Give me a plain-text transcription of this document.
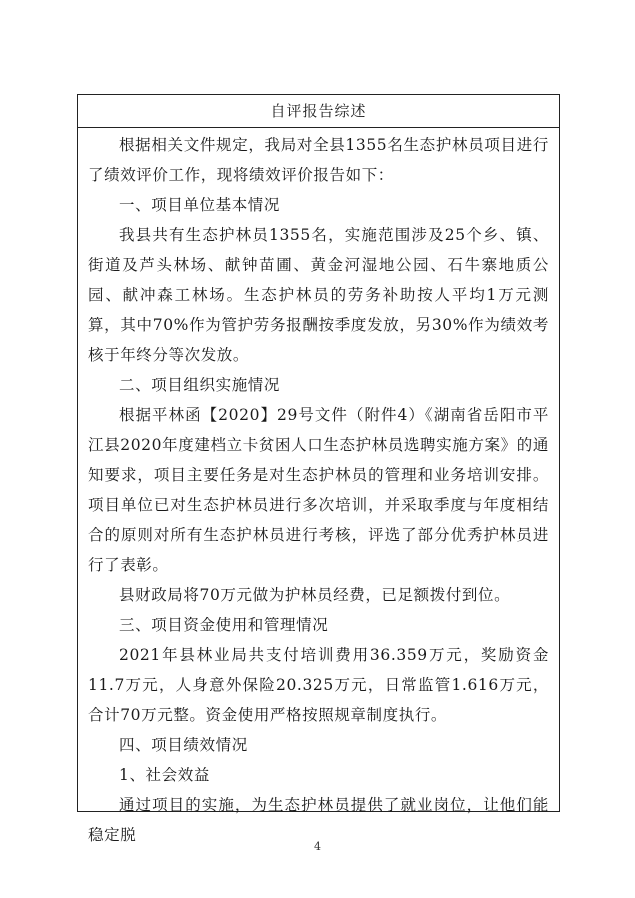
自评报告综述

根据相关文件规定，我局对全县1355名生态护林员项目进行了绩效评价工作，现将绩效评价报告如下：

一、项目单位基本情况

我县共有生态护林员1355名，实施范围涉及25个乡、镇、街道及芦头林场、献钟苗圃、黄金河湿地公园、石牛寨地质公园、献冲森工林场。生态护林员的劳务补助按人平均1万元测算，其中70%作为管护劳务报酬按季度发放，另30%作为绩效考核于年终分等次发放。

二、项目组织实施情况

根据平林函【2020】29号文件（附件4）《湖南省岳阳市平江县2020年度建档立卡贫困人口生态护林员选聘实施方案》的通知要求，项目主要任务是对生态护林员的管理和业务培训安排。项目单位已对生态护林员进行多次培训，并采取季度与年度相结合的原则对所有生态护林员进行考核，评选了部分优秀护林员进行了表彰。

县财政局将70万元做为护林员经费，已足额拨付到位。

三、项目资金使用和管理情况

2021年县林业局共支付培训费用36.359万元，奖励资金11.7万元，人身意外保险20.325万元，日常监管1.616万元，合计70万元整。资金使用严格按照规章制度执行。

四、项目绩效情况

1、社会效益

通过项目的实施，为生态护林员提供了就业岗位，让他们能稳定脱

4
